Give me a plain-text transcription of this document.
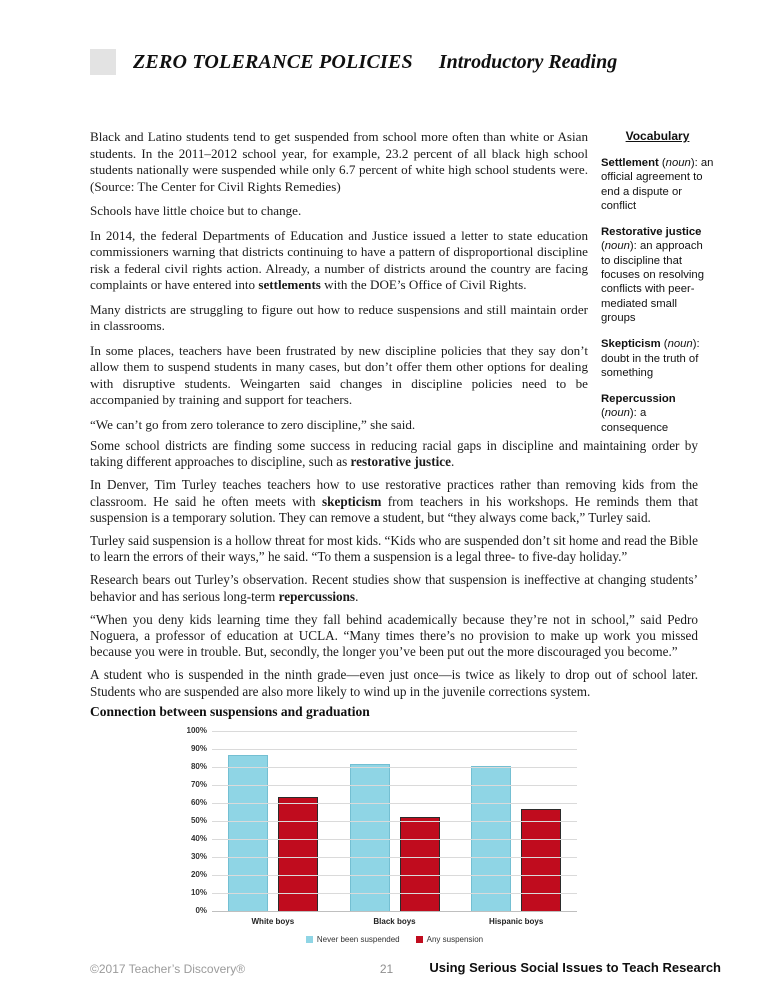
ZERO TOLERANCE POLICIES Introductory Reading

Black and Latino students tend to get suspended from school more often than white or Asian students. In the 2011–2012 school year, for example, 23.2 percent of all black high school students nationally were suspended while only 6.7 percent of white high school students were. (Source: The Center for Civil Rights Remedies)

Schools have little choice but to change.

In 2014, the federal Departments of Education and Justice issued a letter to state education commissioners warning that districts continuing to have a pattern of disproportional discipline risk a federal civil rights action. Already, a number of districts around the country are facing complaints or have entered into settlements with the DOE’s Office of Civil Rights.

Many districts are struggling to figure out how to reduce suspensions and still maintain order in classrooms.

In some places, teachers have been frustrated by new discipline policies that they say don’t allow them to suspend students in many cases, but don’t offer them other options for dealing with disruptive students. Weingarten said changes in discipline policies need to be accompanied by training and support for teachers.

“We can’t go from zero tolerance to zero discipline,” she said.

Vocabulary
Settlement (noun): an official agreement to end a dispute or conflict
Restorative justice (noun): an approach to discipline that focuses on resolving conflicts with peer-mediated small groups
Skepticism (noun): doubt in the truth of something
Repercussion (noun): a consequence

Some school districts are finding some success in reducing racial gaps in discipline and maintaining order by taking different approaches to discipline, such as restorative justice.

In Denver, Tim Turley teaches teachers how to use restorative practices rather than removing kids from the classroom. He said he often meets with skepticism from teachers in his workshops. He reminds them that suspension is a temporary solution. They can remove a student, but “they always come back,” Turley said.

Turley said suspension is a hollow threat for most kids. “Kids who are suspended don’t sit home and read the Bible to learn the errors of their ways,” he said. “To them a suspension is a legal three- to five-day holiday.”

Research bears out Turley’s observation. Recent studies show that suspension is ineffective at changing students’ behavior and has serious long-term repercussions.

“When you deny kids learning time they fall behind academically because they’re not in school,” said Pedro Noguera, a professor of education at UCLA. “Many times there’s no provision to make up work you missed because you were in trouble. But, secondly, the longer you’ve been put out the more discouraged you become.”

A student who is suspended in the ninth grade—even just once—is twice as likely to drop out of school later. Students who are suspended are also more likely to wind up in the juvenile corrections system.

Connection between suspensions and graduation
0%
10%
20%
30%
40%
50%
60%
70%
80%
90%
100%
White boys	Black boys	Hispanic boys
Never been suspended	Any suspension
©2017 Teacher’s Discovery®	21	Using Serious Social Issues to Teach Research
